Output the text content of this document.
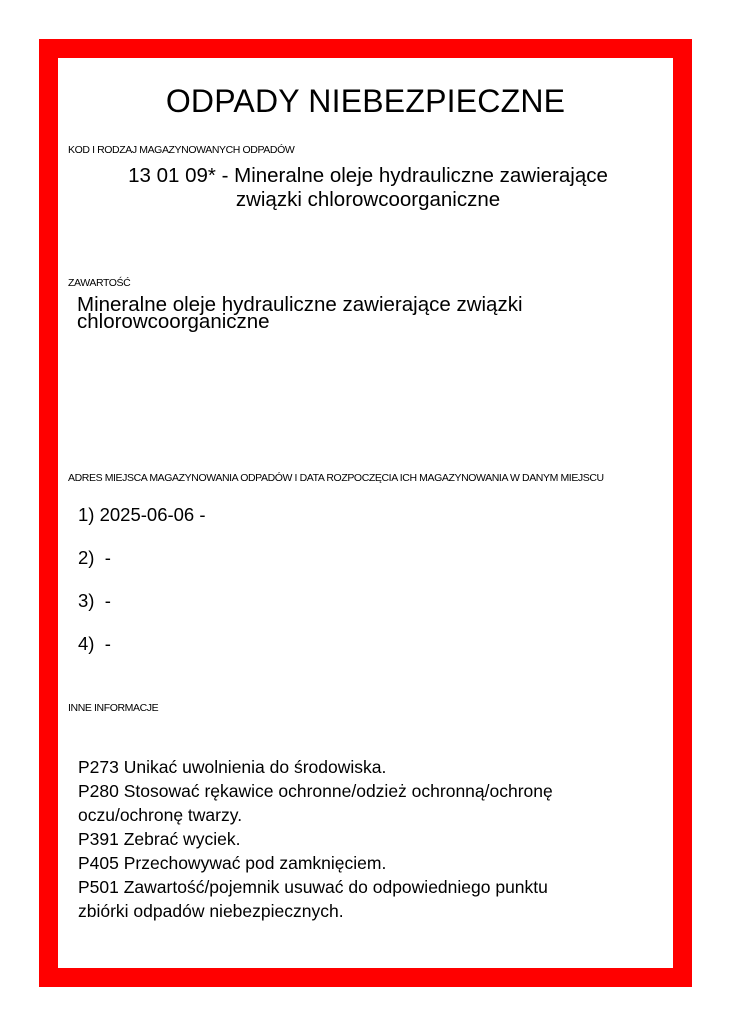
ODPADY NIEBEZPIECZNE
KOD I RODZAJ MAGAZYNOWANYCH ODPADÓW
13 01 09* - Mineralne oleje hydrauliczne zawierające
związki chlorowcoorganiczne
ZAWARTOŚĆ
Mineralne oleje hydrauliczne zawierające związki
chlorowcoorganiczne
ADRES MIEJSCA MAGAZYNOWANIA ODPADÓW I DATA ROZPOCZĘCIA ICH MAGAZYNOWANIA W DANYM MIEJSCU
1) 2025-06-06 -
2)  -
3)  -
4)  -
INNE INFORMACJE
P273 Unikać uwolnienia do środowiska.
P280 Stosować rękawice ochronne/odzież ochronną/ochronę
oczu/ochronę twarzy.
P391 Zebrać wyciek.
P405 Przechowywać pod zamknięciem.
P501 Zawartość/pojemnik usuwać do odpowiedniego punktu
zbiórki odpadów niebezpiecznych.
